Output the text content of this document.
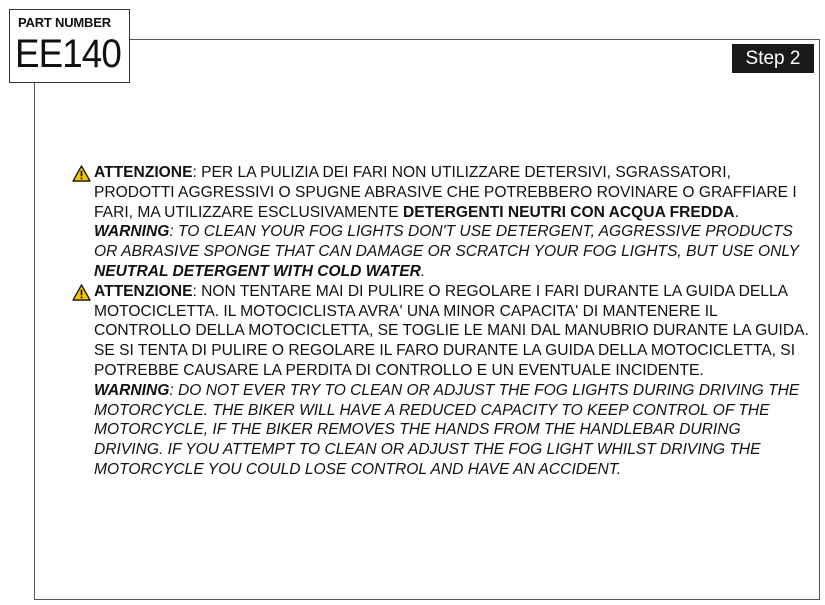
PART NUMBER
EE140	Step 2
ATTENZIONE: PER LA PULIZIA DEI FARI NON UTILIZZARE DETERSIVI, SGRASSATORI, PRODOTTI AGGRESSIVI O SPUGNE ABRASIVE CHE POTREBBERO ROVINARE O GRAFFIARE I FARI, MA UTILIZZARE ESCLUSIVAMENTE DETERGENTI NEUTRI CON ACQUA FREDDA.
WARNING: TO CLEAN YOUR FOG LIGHTS DON'T USE DETERGENT, AGGRESSIVE PRODUCTS OR ABRASIVE SPONGE THAT CAN DAMAGE OR SCRATCH YOUR FOG LIGHTS, BUT USE ONLY NEUTRAL DETERGENT WITH COLD WATER.
ATTENZIONE: NON TENTARE MAI DI PULIRE O REGOLARE I FARI DURANTE LA GUIDA DELLA MOTOCICLETTA. IL MOTOCICLISTA AVRA' UNA MINOR CAPACITA' DI MANTENERE IL CONTROLLO DELLA MOTOCICLETTA, SE TOGLIE LE MANI DAL MANUBRIO DURANTE LA GUIDA. SE SI TENTA DI PULIRE O REGOLARE IL FARO DURANTE LA GUIDA DELLA MOTOCICLETTA, SI POTREBBE CAUSARE LA PERDITA DI CONTROLLO E UN EVENTUALE INCIDENTE.
WARNING: DO NOT EVER TRY TO CLEAN OR ADJUST THE FOG LIGHTS DURING DRIVING THE MOTORCYCLE. THE BIKER WILL HAVE A REDUCED CAPACITY TO KEEP CONTROL OF THE MOTORCYCLE, IF THE BIKER REMOVES THE HANDS FROM THE HANDLEBAR DURING DRIVING. IF YOU ATTEMPT TO CLEAN OR ADJUST THE FOG LIGHT WHILST DRIVING THE MOTORCYCLE YOU COULD LOSE CONTROL AND HAVE AN ACCIDENT.
